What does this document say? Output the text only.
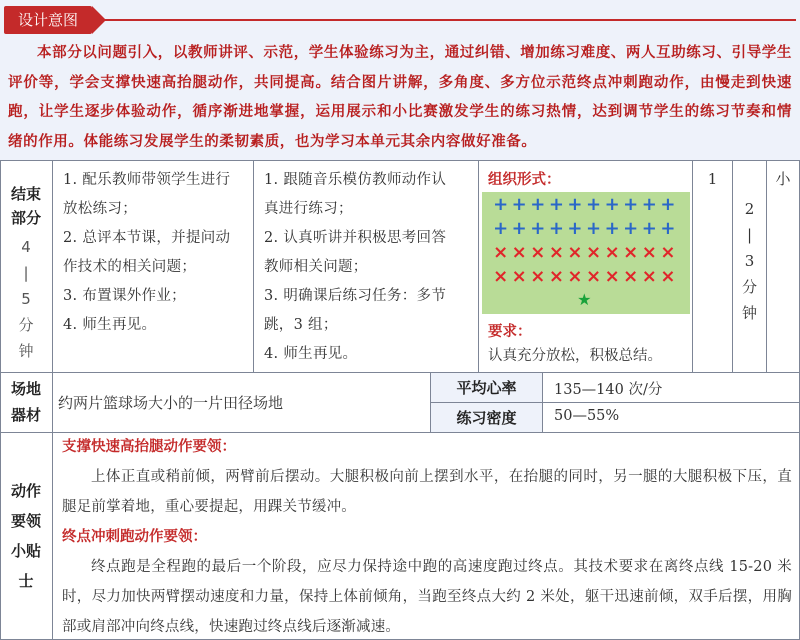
设计意图
本部分以问题引入，以教师讲评、示范，学生体验练习为主，通过纠错、增加练习难度、两人互助练习、引导学生评价等，学会支撑快速高抬腿动作，共同提高。结合图片讲解，多角度、多方位示范终点冲刺跑动作，由慢走到快速跑，让学生逐步体验动作，循序渐进地掌握，运用展示和小比赛激发学生的练习热情，达到调节学生的练习节奏和情绪的作用。体能练习发展学生的柔韧素质，也为学习本单元其余内容做好准备。
结束
部分
4
|
5
分
钟
1. 配乐教师带领学生进行
放松练习；
2. 总评本节课，并提问动
作技术的相关问题；
3. 布置课外作业；
4. 师生再见。
1. 跟随音乐模仿教师动作认
真进行练习；
2. 认真听讲并积极思考回答
教师相关问题；
3. 明确课后练习任务：多节
跳，3 组；
4. 师生再见。
组织形式：
++++++++++
++++++++++
××××××××××
××××××××××
★
要求：
认真充分放松，积极总结。
1
2
|
3
分
钟
小
场地
器材
约两片篮球场大小的一片田径场地
平均心率	135—140 次/分
练习密度	50—55%
动作
要领
小贴
士
支撑快速高抬腿动作要领：
上体正直或稍前倾，两臂前后摆动。大腿积极向前上摆到水平，在抬腿的同时，另一腿的大腿积极下压，直腿足前掌着地，重心要提起，用踝关节缓冲。
终点冲刺跑动作要领：
终点跑是全程跑的最后一个阶段，应尽力保持途中跑的高速度跑过终点。其技术要求在离终点线 15-20 米时，尽力加快两臂摆动速度和力量，保持上体前倾角，当跑至终点大约 2 米处，躯干迅速前倾，双手后摆，用胸部或肩部冲向终点线，快速跑过终点线后逐渐减速。
